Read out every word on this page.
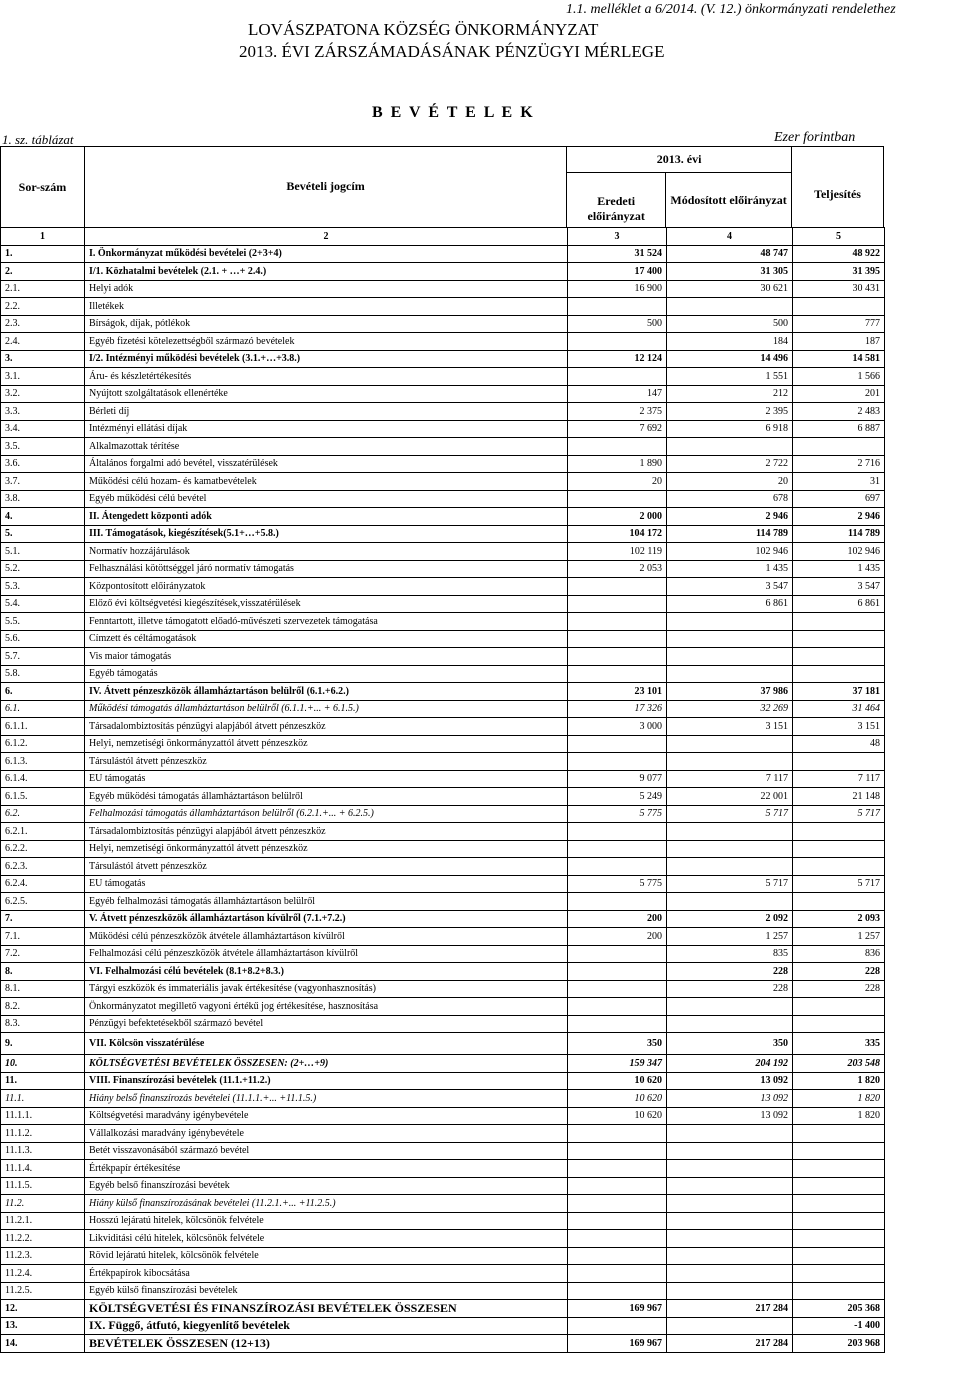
1.1. melléklet a 6/2014. (V. 12.) önkormányzati rendelethez
LOVÁSZPATONA KÖZSÉG ÖNKORMÁNYZAT
2013. ÉVI ZÁRSZÁMADÁSÁNAK PÉNZÜGYI MÉRLEGE
B E V É T E L E K
1. sz. táblázat	Ezer forintban
Sor-szám	Bevételi jogcím	2013. évi		Teljesítés
		Eredeti előirányzat	Módosított előirányzat	
1	2	3	4	5
1.	I. Önkormányzat működési bevételei (2+3+4)	31 524	48 747	48 922
2.	I/1. Közhatalmi bevételek (2.1. + …+ 2.4.)	17 400	31 305	31 395
2.1.	Helyi adók	16 900	30 621	30 431
2.2.	Illetékek			
2.3.	Bírságok, díjak, pótlékok	500	500	777
2.4.	Egyéb fizetési kötelezettségből származó bevételek		184	187
3.	I/2. Intézményi működési bevételek (3.1.+…+3.8.)	12 124	14 496	14 581
3.1.	Áru- és készletértékesítés		1 551	1 566
3.2.	Nyújtott szolgáltatások ellenértéke	147	212	201
3.3.	Bérleti díj	2 375	2 395	2 483
3.4.	Intézményi ellátási díjak	7 692	6 918	6 887
3.5.	Alkalmazottak térítése			
3.6.	Általános forgalmi adó bevétel, visszatérülések	1 890	2 722	2 716
3.7.	Működési célú hozam- és kamatbevételek	20	20	31
3.8.	Egyéb működési célú bevétel		678	697
4.	II. Átengedett központi adók	2 000	2 946	2 946
5.	III. Támogatások, kiegészítések(5.1+…+5.8.)	104 172	114 789	114 789
5.1.	Normatív hozzájárulások	102 119	102 946	102 946
5.2.	Felhasználási kötöttséggel járó normatív támogatás	2 053	1 435	1 435
5.3.	Központosított előirányzatok		3 547	3 547
5.4.	Előző évi költségvetési kiegészítések,visszatérülések		6 861	6 861
5.5.	Fenntartott, illetve támogatott előadó-művészeti szervezetek támogatása			
5.6.	Címzett és céltámogatások			
5.7.	Vis maior támogatás			
5.8.	Egyéb támogatás			
6.	IV. Átvett pénzeszközök államháztartáson belülről (6.1.+6.2.)	23 101	37 986	37 181
6.1.	Működési támogatás államháztartáson belülről (6.1.1.+... + 6.1.5.)	17 326	32 269	31 464
6.1.1.	Társadalombiztosítás pénzügyi alapjából átvett pénzeszköz	3 000	3 151	3 151
6.1.2.	Helyi, nemzetiségi önkormányzattól átvett pénzeszköz			48
6.1.3.	Társulástól átvett pénzeszköz			
6.1.4.	EU támogatás	9 077	7 117	7 117
6.1.5.	Egyéb működési támogatás államháztartáson belülről	5 249	22 001	21 148
6.2.	Felhalmozási támogatás államháztartáson belülről (6.2.1.+... + 6.2.5.)	5 775	5 717	5 717
6.2.1.	Társadalombiztosítás pénzügyi alapjából átvett pénzeszköz			
6.2.2.	Helyi, nemzetiségi önkormányzattól átvett pénzeszköz			
6.2.3.	Társulástól átvett pénzeszköz			
6.2.4.	EU támogatás	5 775	5 717	5 717
6.2.5.	Egyéb felhalmozási támogatás államháztartáson belülről			
7.	V. Átvett pénzeszközök államháztartáson kívülről (7.1.+7.2.)	200	2 092	2 093
7.1.	Működési célú pénzeszközök átvétele államháztartáson kívülről	200	1 257	1 257
7.2.	Felhalmozási célú pénzeszközök átvétele államháztartáson kívülről		835	836
8.	VI. Felhalmozási célú bevételek (8.1+8.2+8.3.)		228	228
8.1.	Tárgyi eszközök és immateriális javak értékesítése (vagyonhasznosítás)		228	228
8.2.	Önkormányzatot megillető vagyoni értékű jog értékesítése, hasznosítása			
8.3.	Pénzügyi befektetésekből származó bevétel			
9.	VII. Kölcsön visszatérülése	350	350	335
10.	KÖLTSÉGVETÉSI BEVÉTELEK ÖSSZESEN: (2+…+9)	159 347	204 192	203 548
11.	VIII. Finanszírozási bevételek (11.1.+11.2.)	10 620	13 092	1 820
11.1.	Hiány belső finanszírozás bevételei (11.1.1.+... +11.1.5.)	10 620	13 092	1 820
11.1.1.	Költségvetési maradvány igénybevétele	10 620	13 092	1 820
11.1.2.	Vállalkozási maradvány igénybevétele			
11.1.3.	Betét visszavonásából származó bevétel			
11.1.4.	Értékpapír értékesítése			
11.1.5.	Egyéb belső finanszírozási bevétek			
11.2.	Hiány külső finanszírozásának bevételei (11.2.1.+... +11.2.5.)			
11.2.1.	Hosszú lejáratú hitelek, kölcsönök felvétele			
11.2.2.	Likviditási célú hitelek, kölcsönök felvétele			
11.2.3.	Rövid lejáratú hitelek, kölcsönök felvétele			
11.2.4.	Értékpapírok kibocsátása			
11.2.5.	Egyéb külső finanszírozási bevételek			
12.	KÖLTSÉGVETÉSI ÉS FINANSZÍROZÁSI BEVÉTELEK ÖSSZESEN	169 967	217 284	205 368
13.	IX. Függő, átfutó, kiegyenlítő bevételek			-1 400
14.	BEVÉTELEK ÖSSZESEN (12+13)	169 967	217 284	203 968
